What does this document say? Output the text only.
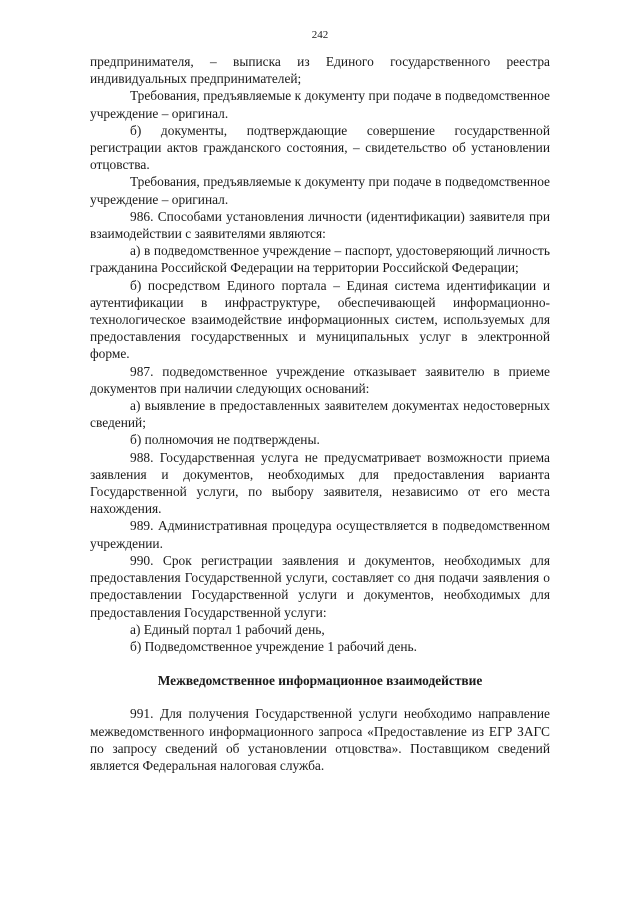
242

предпринимателя, – выписка из Единого государственного реестра индивидуальных предпринимателей;

Требования, предъявляемые к документу при подаче в подведомственное учреждение – оригинал.

б) документы, подтверждающие совершение государственной регистрации актов гражданского состояния, – свидетельство об установлении отцовства.

Требования, предъявляемые к документу при подаче в подведомственное учреждение – оригинал.

986. Способами установления личности (идентификации) заявителя при взаимодействии с заявителями являются:

а) в подведомственное учреждение – паспорт, удостоверяющий личность гражданина Российской Федерации на территории Российской Федерации;

б) посредством Единого портала – Единая система идентификации и аутентификации в инфраструктуре, обеспечивающей информационно-технологическое взаимодействие информационных систем, используемых для предоставления государственных и муниципальных услуг в электронной форме.

987. подведомственное учреждение отказывает заявителю в приеме документов при наличии следующих оснований:

а) выявление в предоставленных заявителем документах недостоверных сведений;

б) полномочия не подтверждены.

988. Государственная услуга не предусматривает возможности приема заявления и документов, необходимых для предоставления варианта Государственной услуги, по выбору заявителя, независимо от его места нахождения.

989. Административная процедура осуществляется в подведомственном учреждении.

990. Срок регистрации заявления и документов, необходимых для предоставления Государственной услуги, составляет со дня подачи заявления о предоставлении Государственной услуги и документов, необходимых для предоставления Государственной услуги:

а) Единый портал 1 рабочий день,

б) Подведомственное учреждение 1 рабочий день.

Межведомственное информационное взаимодействие

991. Для получения Государственной услуги необходимо направление межведомственного информационного запроса «Предоставление из ЕГР ЗАГС по запросу сведений об установлении отцовства». Поставщиком сведений является Федеральная налоговая служба.
